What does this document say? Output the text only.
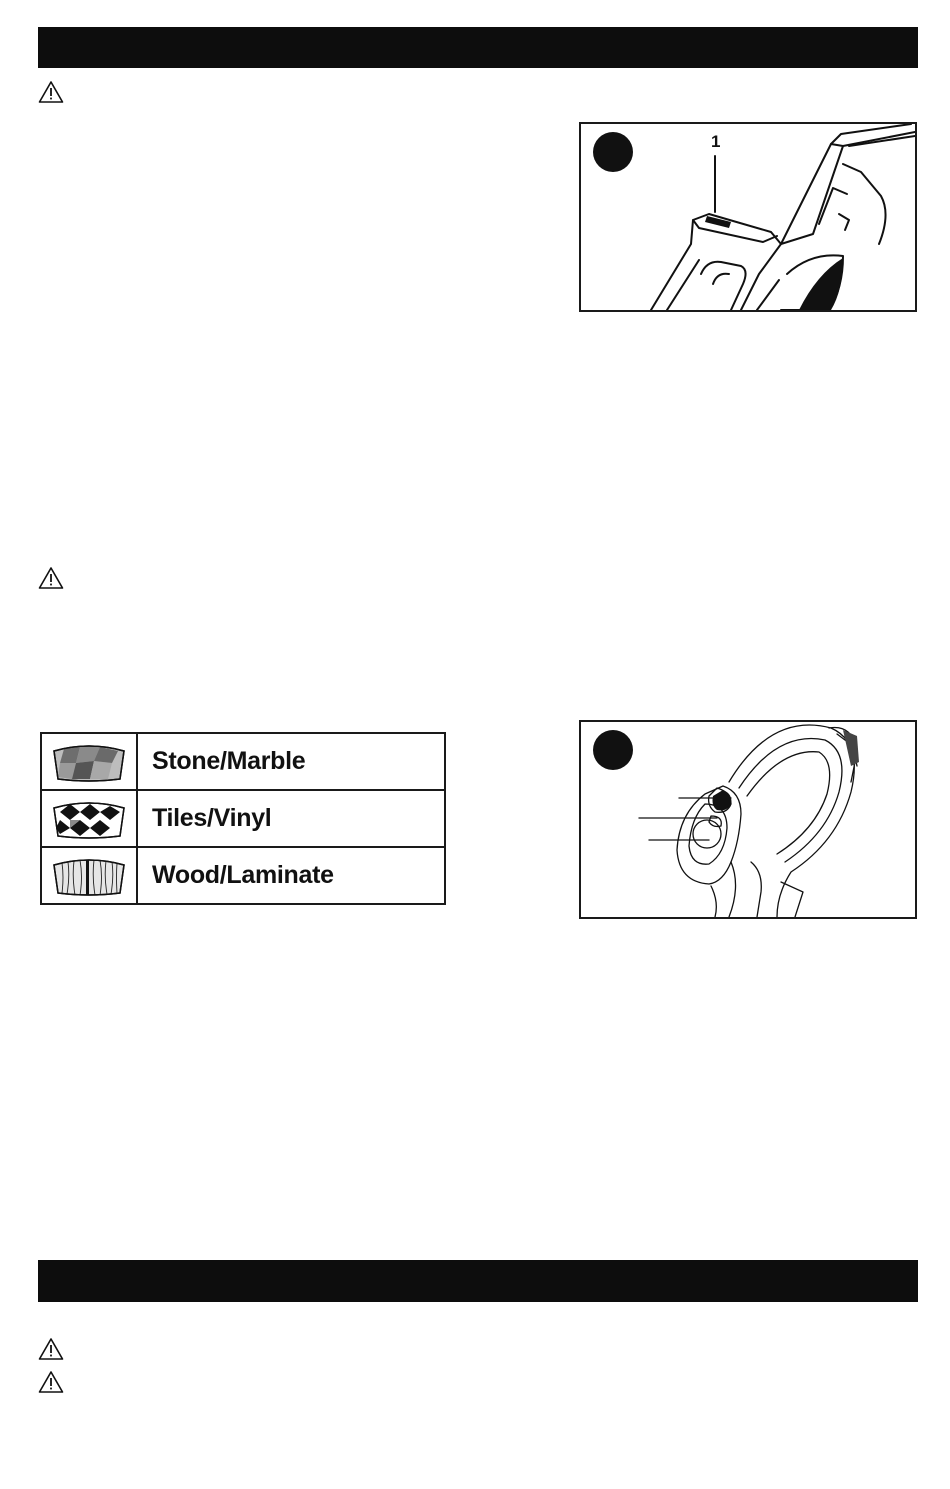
1
	Stone/Marble

	Tiles/Vinyl

	Wood/Laminate
